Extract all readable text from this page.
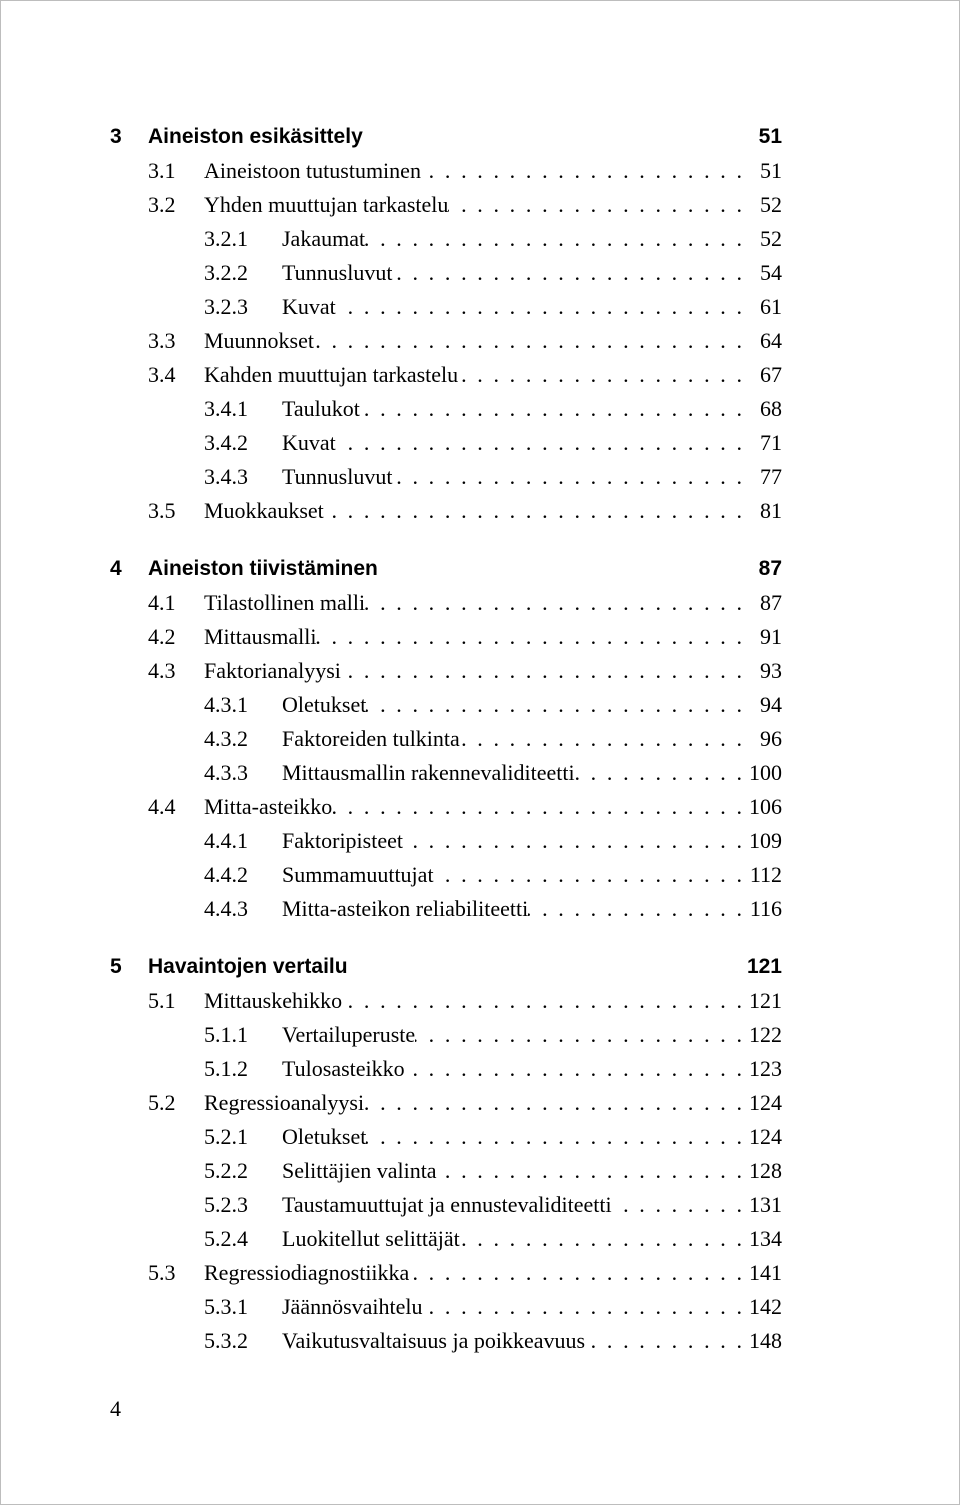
3 Aineiston esikäsittely	51
3.1 Aineistoon tutustuminen . . .	51
3.2 Yhden muuttujan tarkastelu . . .	52
3.2.1 Jakaumat . . .	52
3.2.2 Tunnusluvut . . .	54
3.2.3 Kuvat . . .	61
3.3 Muunnokset . . .	64
3.4 Kahden muuttujan tarkastelu . . .	67
3.4.1 Taulukot . . .	68
3.4.2 Kuvat . . .	71
3.4.3 Tunnusluvut . . .	77
3.5 Muokkaukset . . .	81
4 Aineiston tiivistäminen	87
4.1 Tilastollinen malli . . .	87
4.2 Mittausmalli . . .	91
4.3 Faktorianalyysi . . .	93
4.3.1 Oletukset . . .	94
4.3.2 Faktoreiden tulkinta . . .	96
4.3.3 Mittausmallin rakennevaliditeetti . . .	100
4.4 Mitta-asteikko . . .	106
4.4.1 Faktoripisteet . . .	109
4.4.2 Summamuuttujat . . .	112
4.4.3 Mitta-asteikon reliabiliteetti . . .	116
5 Havaintojen vertailu	121
5.1 Mittauskehikko . . .	121
5.1.1 Vertailuperuste . . .	122
5.1.2 Tulosasteikko . . .	123
5.2 Regressioanalyysi . . .	124
5.2.1 Oletukset . . .	124
5.2.2 Selittäjien valinta . . .	128
5.2.3 Taustamuuttujat ja ennustevaliditeetti . . .	131
5.2.4 Luokitellut selittäjät . . .	134
5.3 Regressiodiagnostiikka . . .	141
5.3.1 Jäännösvaihtelu . . .	142
5.3.2 Vaikutusvaltaisuus ja poikkeavuus . . .	148
4
